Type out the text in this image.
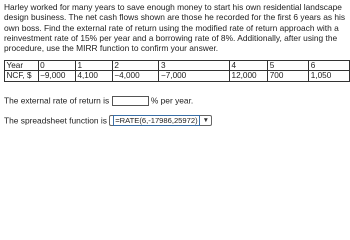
Harley worked for many years to save enough money to start his own residential landscape design business. The net cash flows shown are those he recorded for the first 6 years as his own boss. Find the external rate of return using the modified rate of return approach with a reinvestment rate of 15% per year and a borrowing rate of 8%. Additionally, after using the procedure, use the MIRR function to confirm your answer.

Year	0	1	2	3	4	5	6
NCF, $	−9,000	4,100	−4,000	−7,000	12,000	700	1,050
The external rate of return is	% per year.
The spreadsheet function is =RATE(6,-17986,25972) ▼
